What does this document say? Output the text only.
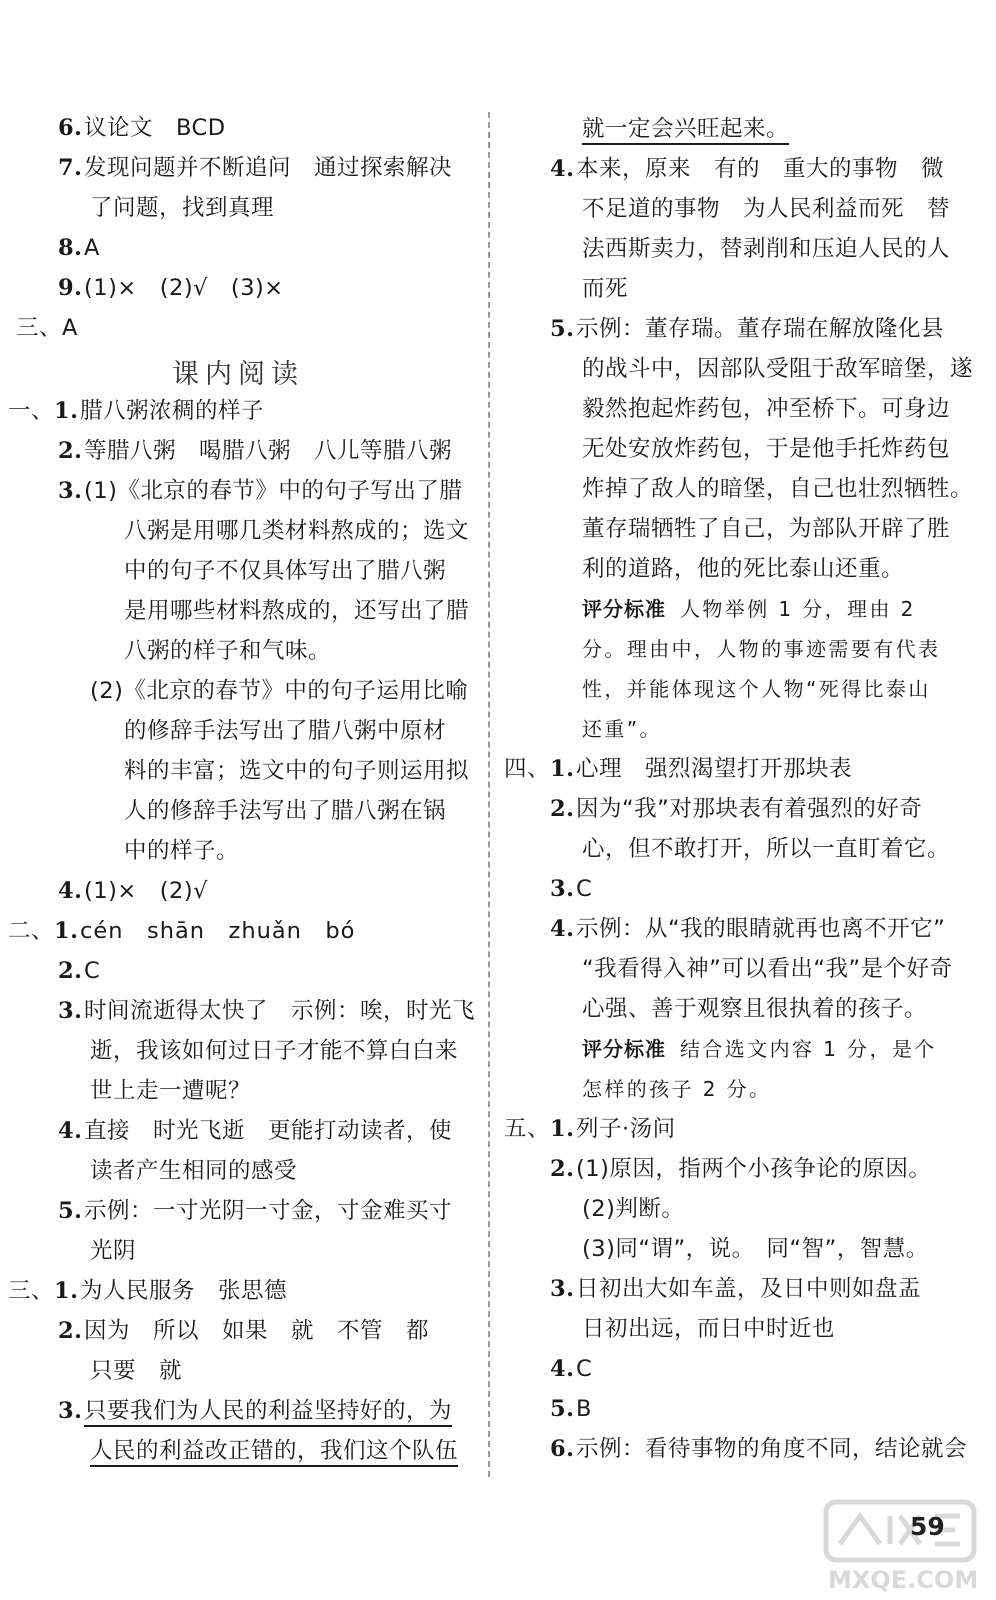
6.议论文　BCD
7.发现问题并不断追问　通过探索解决
了问题，找到真理
8.A
9.(1)×　(2)√　(3)×
三、A
课内阅读
一、1.腊八粥浓稠的样子
2.等腊八粥　喝腊八粥　八儿等腊八粥
3.(1)《北京的春节》中的句子写出了腊
八粥是用哪几类材料熬成的；选文
中的句子不仅具体写出了腊八粥
是用哪些材料熬成的，还写出了腊
八粥的样子和气味。
(2)《北京的春节》中的句子运用比喻
的修辞手法写出了腊八粥中原材
料的丰富；选文中的句子则运用拟
人的修辞手法写出了腊八粥在锅
中的样子。
4.(1)×　(2)√
二、1.cén　shān　zhuǎn　bó
2.C
3.时间流逝得太快了　示例：唉，时光飞
逝，我该如何过日子才能不算白白来
世上走一遭呢？
4.直接　时光飞逝　更能打动读者，使
读者产生相同的感受
5.示例：一寸光阴一寸金，寸金难买寸
光阴
三、1.为人民服务　张思德
2.因为　所以　如果　就　不管　都
只要　就
3.只要我们为人民的利益坚持好的，为
人民的利益改正错的，我们这个队伍
就一定会兴旺起来。
4.本来，原来　有的　重大的事物　微
不足道的事物　为人民利益而死　替
法西斯卖力，替剥削和压迫人民的人
而死
5.示例：董存瑞。董存瑞在解放隆化县
的战斗中，因部队受阻于敌军暗堡，遂
毅然抱起炸药包，冲至桥下。可身边
无处安放炸药包，于是他手托炸药包
炸掉了敌人的暗堡，自己也壮烈牺牲。
董存瑞牺牲了自己，为部队开辟了胜
利的道路，他的死比泰山还重。
评分标准 人物举例 1 分，理由 2
分。理由中，人物的事迹需要有代表
性，并能体现这个人物“死得比泰山
还重”。
四、1.心理　强烈渴望打开那块表
2.因为“我”对那块表有着强烈的好奇
心，但不敢打开，所以一直盯着它。
3.C
4.示例：从“我的眼睛就再也离不开它”
“我看得入神”可以看出“我”是个好奇
心强、善于观察且很执着的孩子。
评分标准 结合选文内容 1 分，是个
怎样的孩子 2 分。
五、1.列子·汤问
2.(1)原因，指两个小孩争论的原因。
(2)判断。
(3)同“谓”，说。　同“智”，智慧。
3.日初出大如车盖，及日中则如盘盂
日初出远，而日中时近也
4.C
5.B
6.示例：看待事物的角度不同，结论就会
MXQE.COM
59
